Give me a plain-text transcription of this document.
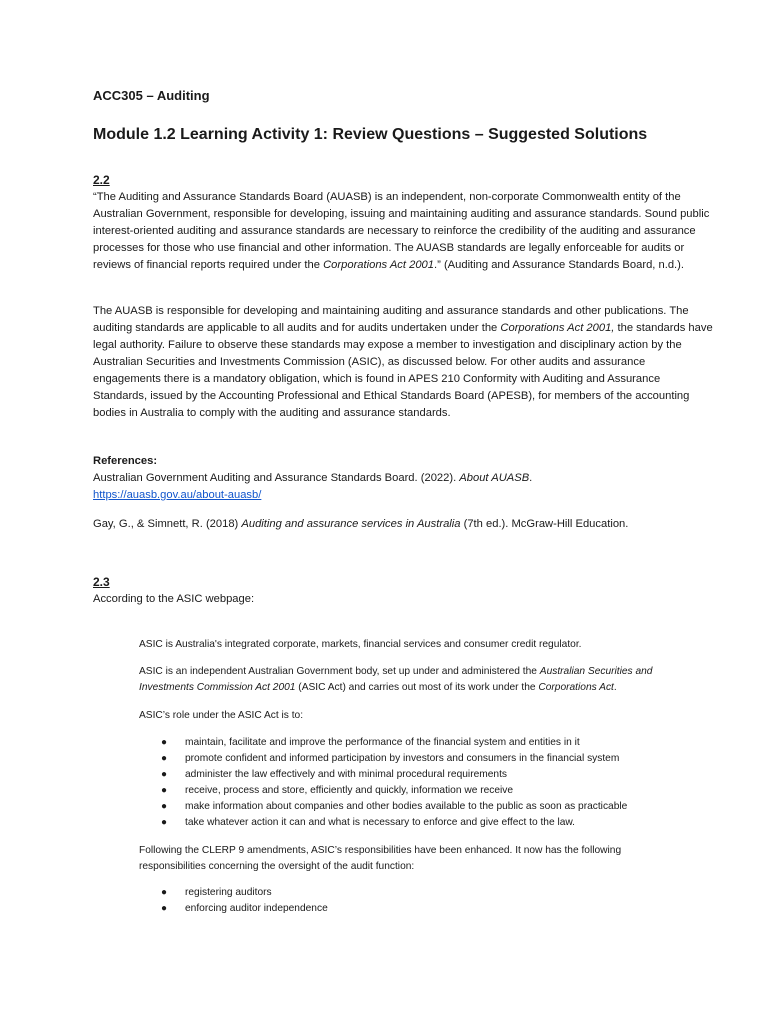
ACC305 – Auditing
Module 1.2 Learning Activity 1: Review Questions – Suggested Solutions
2.2
“The Auditing and Assurance Standards Board (AUASB) is an independent, non-corporate Commonwealth entity of the Australian Government, responsible for developing, issuing and maintaining auditing and assurance standards. Sound public interest-oriented auditing and assurance standards are necessary to reinforce the credibility of the auditing and assurance processes for those who use financial and other information. The AUASB standards are legally enforceable for audits or reviews of financial reports required under the Corporations Act 2001.” (Auditing and Assurance Standards Board, n.d.).
The AUASB is responsible for developing and maintaining auditing and assurance standards and other publications. The auditing standards are applicable to all audits and for audits undertaken under the Corporations Act 2001, the standards have legal authority. Failure to observe these standards may expose a member to investigation and disciplinary action by the Australian Securities and Investments Commission (ASIC), as discussed below. For other audits and assurance engagements there is a mandatory obligation, which is found in APES 210 Conformity with Auditing and Assurance Standards, issued by the Accounting Professional and Ethical Standards Board (APESB), for members of the accounting bodies in Australia to comply with the auditing and assurance standards.
References:
Australian Government Auditing and Assurance Standards Board. (2022). About AUASB.
https://auasb.gov.au/about-auasb/
Gay, G., & Simnett, R. (2018) Auditing and assurance services in Australia (7th ed.). McGraw-Hill Education.
2.3
According to the ASIC webpage:
ASIC is Australia's integrated corporate, markets, financial services and consumer credit regulator.
ASIC is an independent Australian Government body, set up under and administered the Australian Securities and Investments Commission Act 2001 (ASIC Act) and carries out most of its work under the Corporations Act.
ASIC’s role under the ASIC Act is to:
● maintain, facilitate and improve the performance of the financial system and entities in it
● promote confident and informed participation by investors and consumers in the financial system
● administer the law effectively and with minimal procedural requirements
● receive, process and store, efficiently and quickly, information we receive
● make information about companies and other bodies available to the public as soon as practicable
● take whatever action it can and what is necessary to enforce and give effect to the law.
Following the CLERP 9 amendments, ASIC’s responsibilities have been enhanced. It now has the following responsibilities concerning the oversight of the audit function:
● registering auditors
● enforcing auditor independence
